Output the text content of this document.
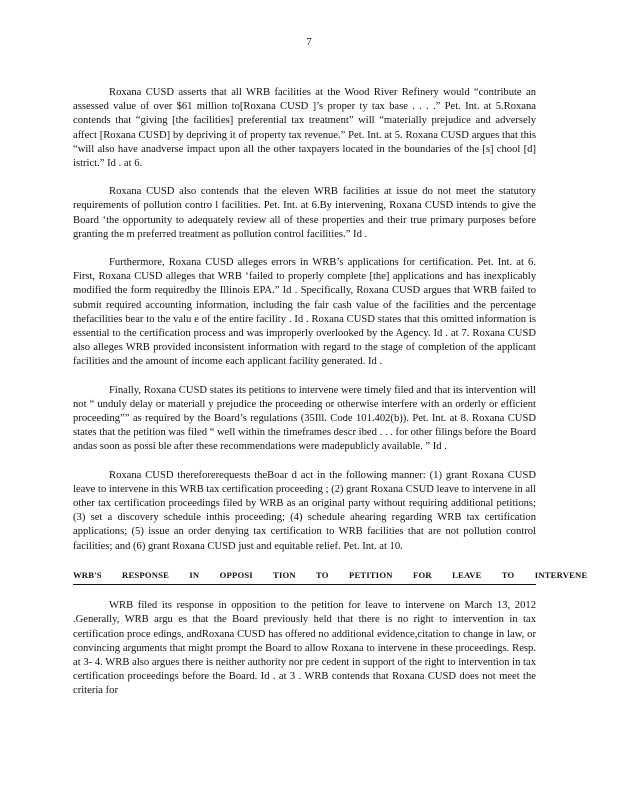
7

Roxana CUSD asserts that all WRB facilities at the Wood River Refinery would “contribute an assessed value of over $61 million to[Roxana CUSD ]’s proper ty tax base . . . .” Pet. Int. at 5.Roxana contends that “giving [the facilities] preferential tax treatment” will “materially prejudice and adversely affect [Roxana CUSD] by depriving it of property tax revenue.” Pet. Int. at 5. Roxana CUSD argues that this “will also have anadverse impact upon all the other taxpayers located in the boundaries of the [s] chool [d] istrict.” Id . at 6.

Roxana CUSD also contends that the eleven WRB facilities at issue do not meet the statutory requirements of pollution contro l facilities. Pet. Int. at 6.By intervening, Roxana CUSD intends to give the Board ‘the opportunity to adequately review all of these properties and their true primary purposes before granting the m preferred treatment as pollution control facilities.” Id .

Furthermore, Roxana CUSD alleges errors in WRB’s applications for certification. Pet. Int. at 6. First, Roxana CUSD alleges that WRB ‘failed to properly complete [the] applications and has inexplicably modified the form requiredby the Illinois EPA.” Id . Specifically, Roxana CUSD argues that WRB failed to submit required accounting information, including the fair cash value of the facilities and the percentage thefacilities bear to the valu e of the entire facility . Id . Roxana CUSD states that this omitted information is essential to the certification process and was improperly overlooked by the Agency. Id . at 7. Roxana CUSD also alleges WRB provided inconsistent information with regard to the stage of completion of the applicant facilities and the amount of income each applicant facility generated. Id .

Finally, Roxana CUSD states its petitions to intervene were timely filed and that its intervention will not “ unduly delay or materiall y prejudice the proceeding or otherwise interfere with an orderly or efficient proceeding”” as required by the Board’s regulations (35Ill. Code 101.402(b)). Pet. Int. at 8. Roxana CUSD states that the petition was filed “ well within the timeframes descr ibed . . . for other filings before the Board andas soon as possi ble after these recommendations were madepublicly available. ” Id .

Roxana CUSD thereforerequests theBoar d act in the following manner: (1) grant Roxana CUSD leave to intervene in this WRB tax certification proceeding ; (2) grant Roxana CSUD leave to intervene in all other tax certification proceedings filed by WRB as an original party without requiring additional petitions; (3) set a discovery schedule inthis proceeding; (4) schedule ahearing regarding WRB tax certification applications; (5) issue an order denying tax certification to WRB facilities that are not pollution control facilities; and (6) grant Roxana CUSD just and equitable relief. Pet. Int. at 10.

WRB'S RESPONSE IN OPPOSI TION TO PETITION FOR LEAVE TO INTERVENE

WRB filed its response in opposition to the petition for leave to intervene on March 13, 2012 .Generally, WRB argu es that the Board previously held that there is no right to intervention in tax certification proce edings, andRoxana CUSD has offered no additional evidence,citation to change in law, or convincing arguments that might prompt the Board to allow Roxana to intervene in these proceedings. Resp. at 3- 4. WRB also argues there is neither authority nor pre cedent in support of the right to intervention in tax certification proceedings before the Board. Id . at 3 . WRB contends that Roxana CUSD does not meet the criteria for
